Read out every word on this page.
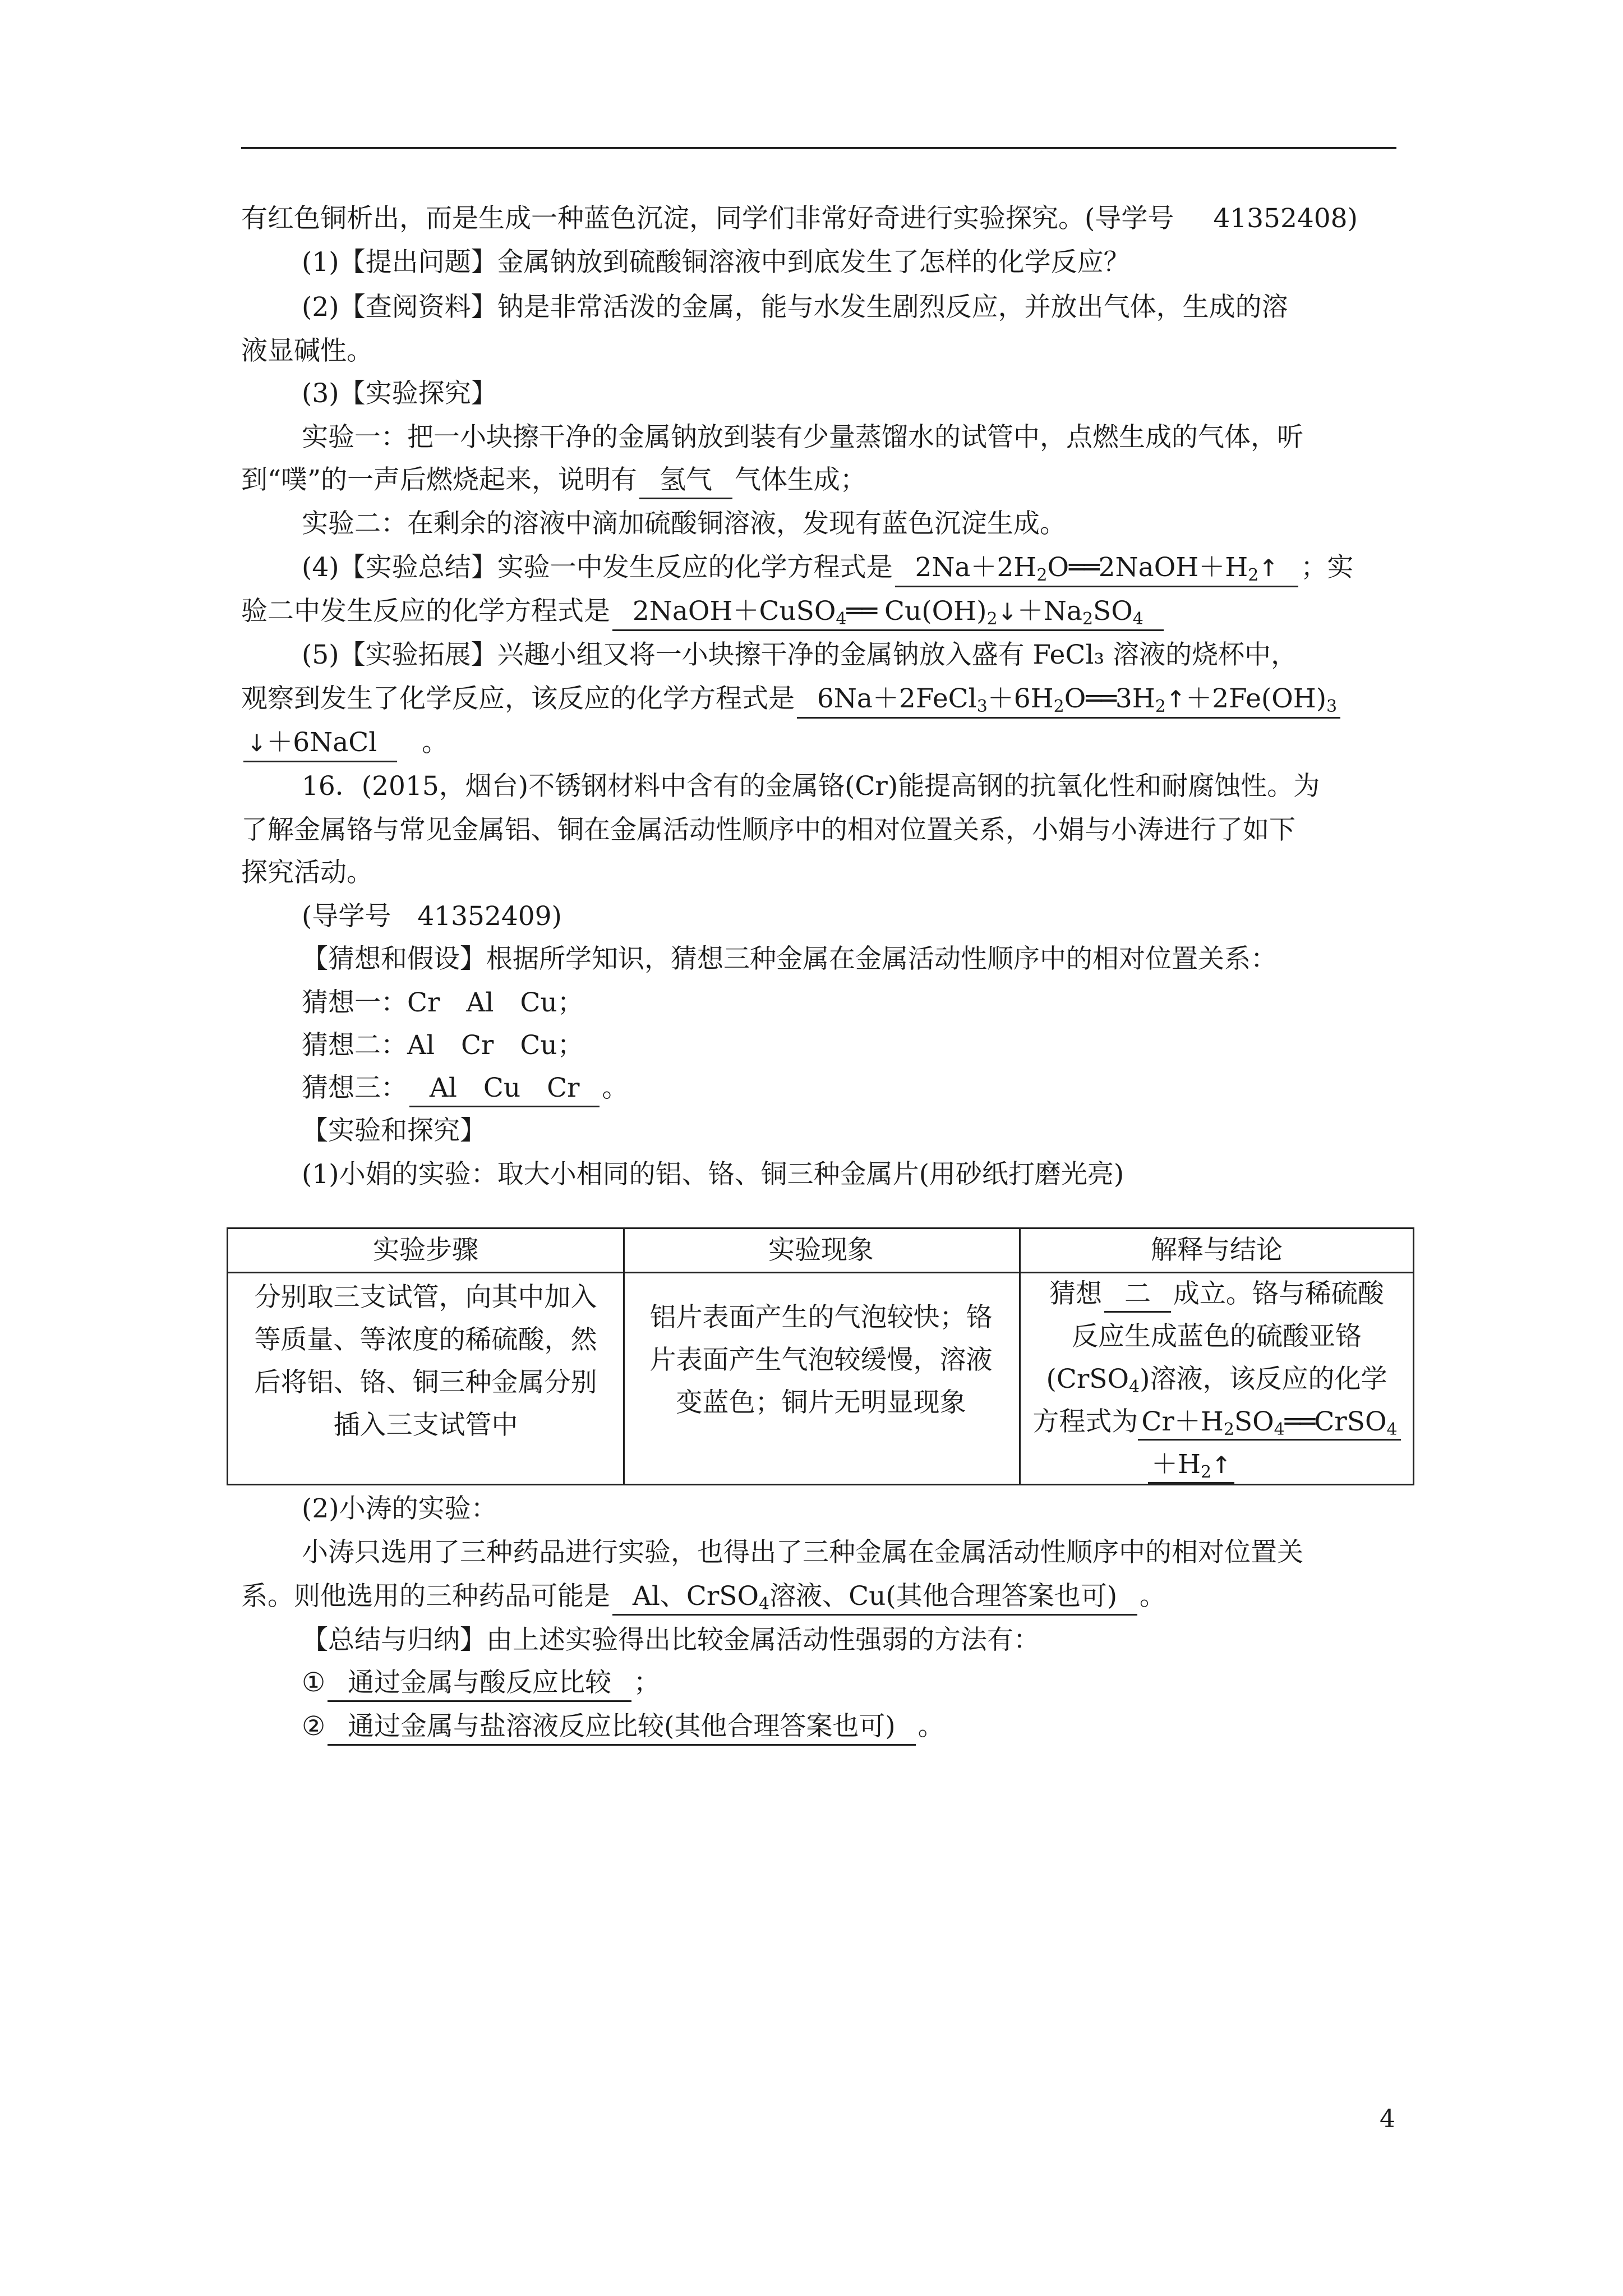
有红色铜析出，而是生成一种蓝色沉淀，同学们非常好奇进行实验探究。(导学号 41352408)
(1)【提出问题】金属钠放到硫酸铜溶液中到底发生了怎样的化学反应？
(2)【查阅资料】钠是非常活泼的金属，能与水发生剧烈反应，并放出气体，生成的溶
液显碱性。
(3)【实验探究】
实验一：把一小块擦干净的金属钠放到装有少量蒸馏水的试管中，点燃生成的气体，听
到“噗”的一声后燃烧起来，说明有 氢气 气体生成；
实验二：在剩余的溶液中滴加硫酸铜溶液，发现有蓝色沉淀生成。
(4)【实验总结】实验一中发生反应的化学方程式是  $2Na+2H_2O══2NaOH+H_2↑$ ；实
验二中发生反应的化学方程式是  2NaOH＋CuSO$_4$══ $Cu(OH)_2↓+Na_2SO_4$
(5)【实验拓展】兴趣小组又将一小块擦干净的金属钠放入盛有 FeCl₃ 溶液的烧杯中，
观察到发生了化学反应，该反应的化学方程式是  $6Na+2FeCl_3+6H_2O══3H_2↑+2Fe(OH)_3$
↓＋6NaCl  。
16．(2015，烟台)不锈钢材料中含有的金属铬(Cr)能提高钢的抗氧化性和耐腐蚀性。为
了解金属铬与常见金属铝、铜在金属活动性顺序中的相对位置关系，小娟与小涛进行了如下
探究活动。
(导学号　41352409)
【猜想和假设】根据所学知识，猜想三种金属在金属活动性顺序中的相对位置关系：
猜想一：Cr　Al　Cu；
猜想二：Al　Cr　Cu；
猜想三： Al　Cu　Cr 。
【实验和探究】
(1)小娟的实验：取大小相同的铝、铬、铜三种金属片(用砂纸打磨光亮)
实验步骤	实验现象	解释与结论
分别取三支试管，向其中加入
等质量、等浓度的稀硫酸，然
后将铝、铬、铜三种金属分别
插入三支试管中
铝片表面产生的气泡较快；铬
片表面产生气泡较缓慢，溶液
变蓝色；铜片无明显现象
猜想 二 成立。铬与稀硫酸
反应生成蓝色的硫酸亚铬
(CrSO$_4$)溶液，该反应的化学
方程式为 $Cr+H_2SO_4══CrSO_4$
$+H_2↑$
(2)小涛的实验：
小涛只选用了三种药品进行实验，也得出了三种金属在金属活动性顺序中的相对位置关
系。则他选用的三种药品可能是 Al、CrSO$_4$溶液、Cu(其他合理答案也可) 。
【总结与归纳】由上述实验得出比较金属活动性强弱的方法有：
① 通过金属与酸反应比较 ；
② 通过金属与盐溶液反应比较(其他合理答案也可) 。
4
